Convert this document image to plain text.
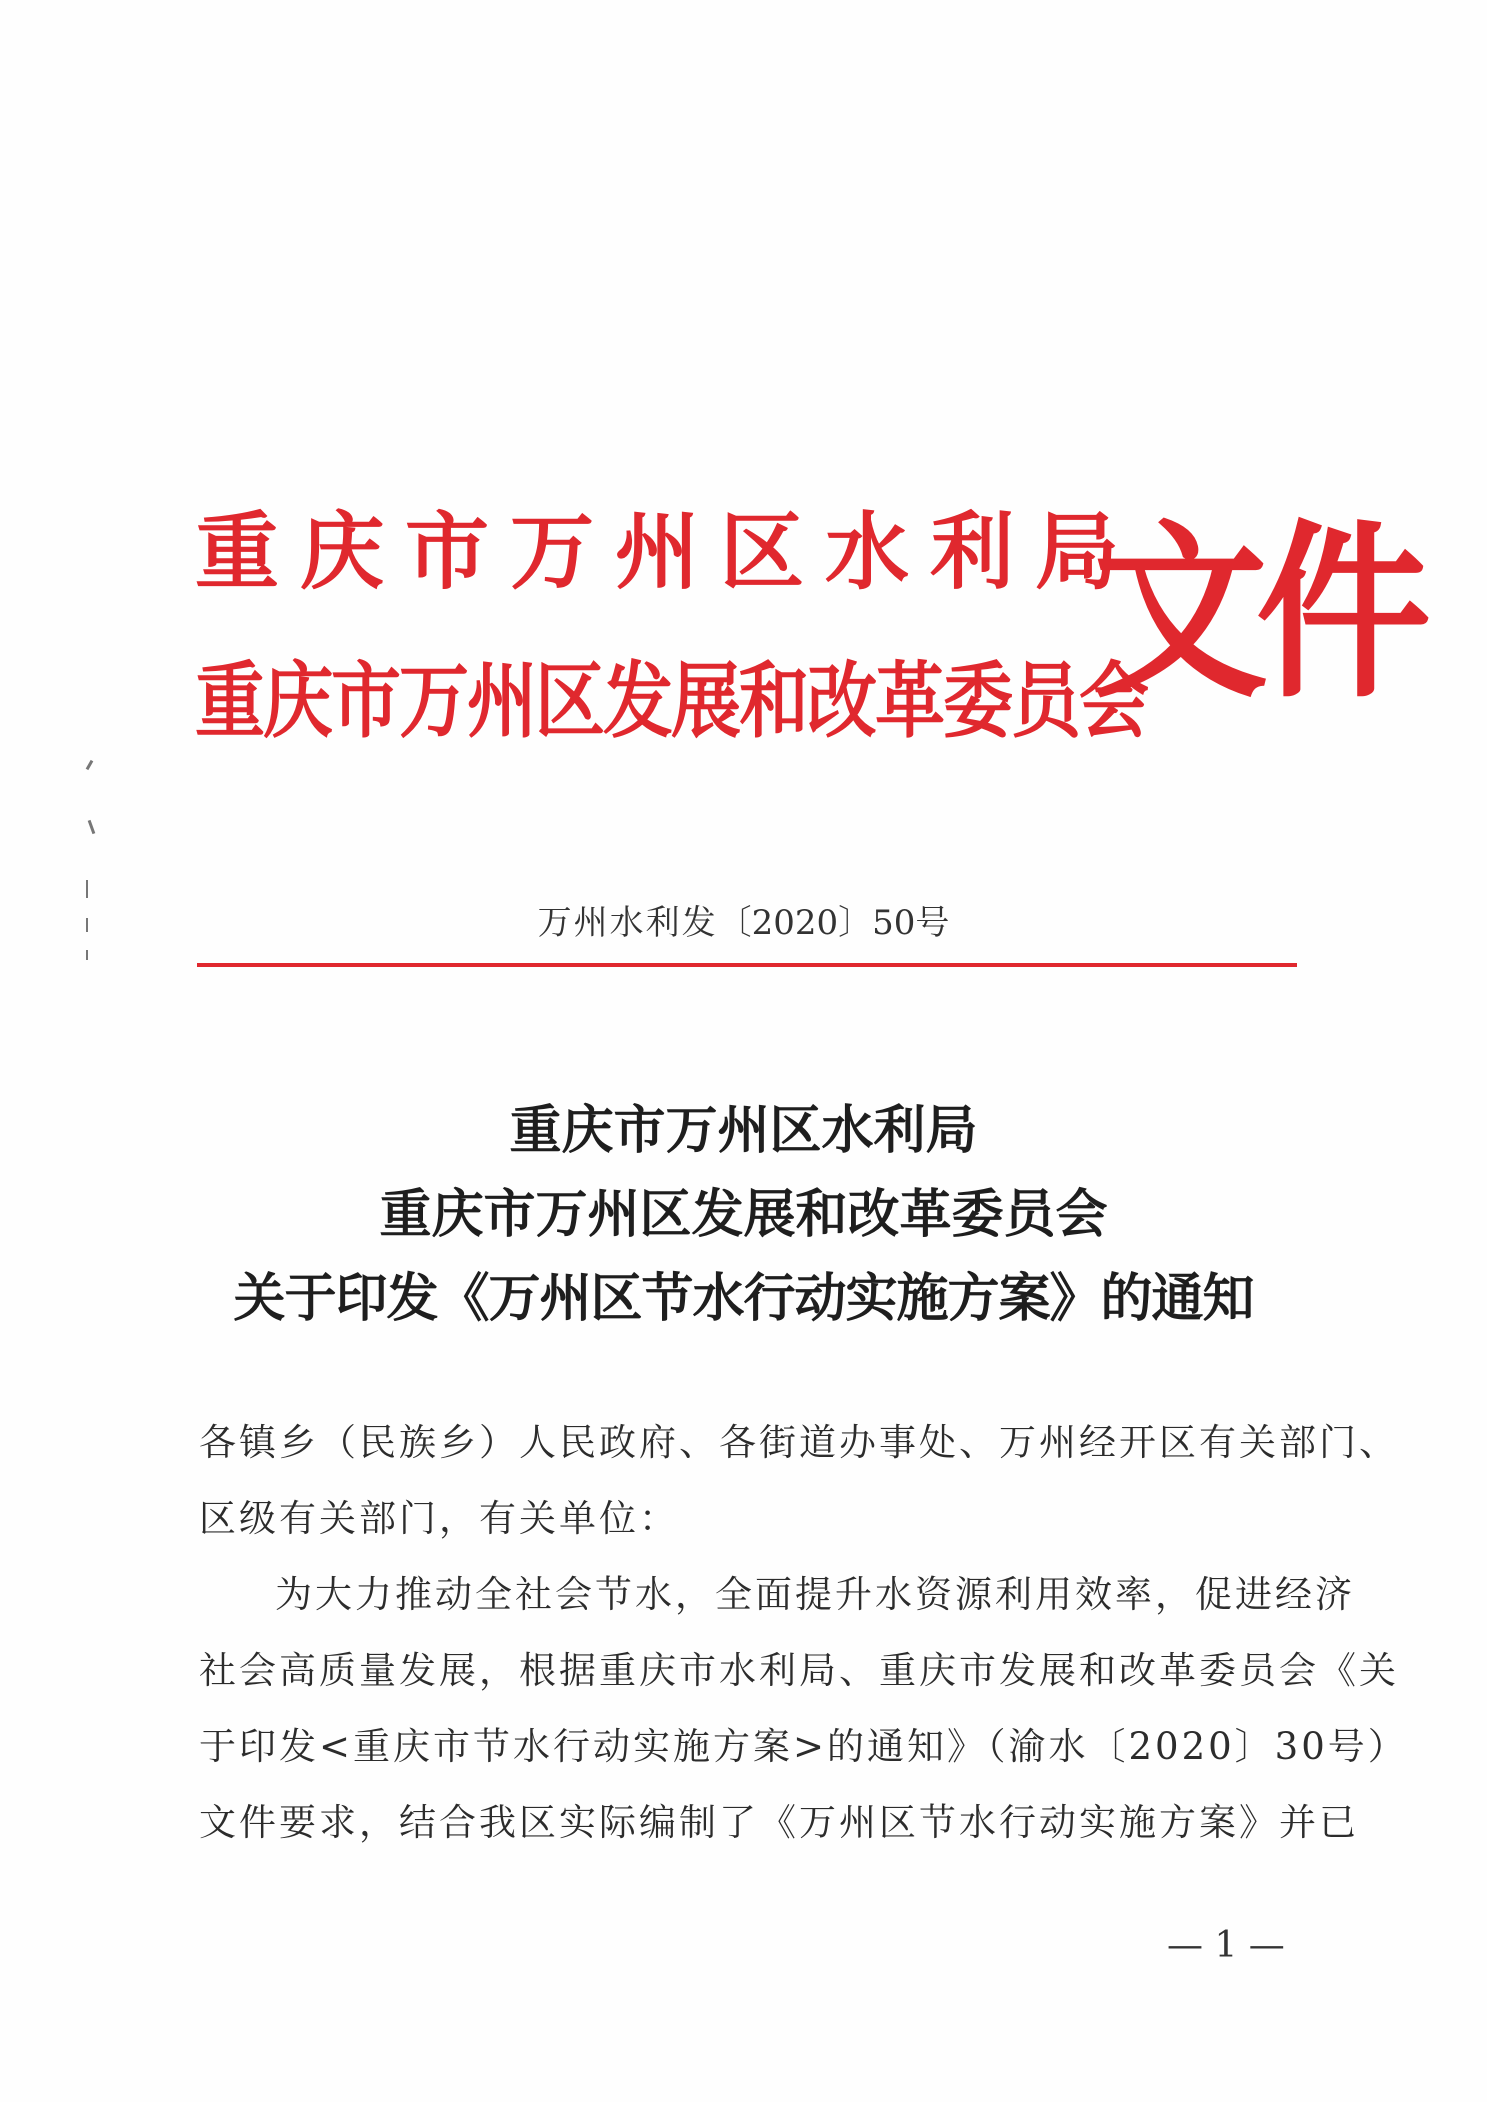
重庆市万州区水利局
重庆市万州区发展和改革委员会
文件
万州水利发〔2020〕50号
重庆市万州区水利局
重庆市万州区发展和改革委员会
关于印发《万州区节水行动实施方案》的通知

各镇乡（民族乡）人民政府、各街道办事处、万州经开区有关部门、
区级有关部门，有关单位：

为大力推动全社会节水，全面提升水资源利用效率，促进经济
社会高质量发展，根据重庆市水利局、重庆市发展和改革委员会《关
于印发<重庆市节水行动实施方案>的通知》（渝水〔2020〕30号）
文件要求，结合我区实际编制了《万州区节水行动实施方案》并已

— 1 —
